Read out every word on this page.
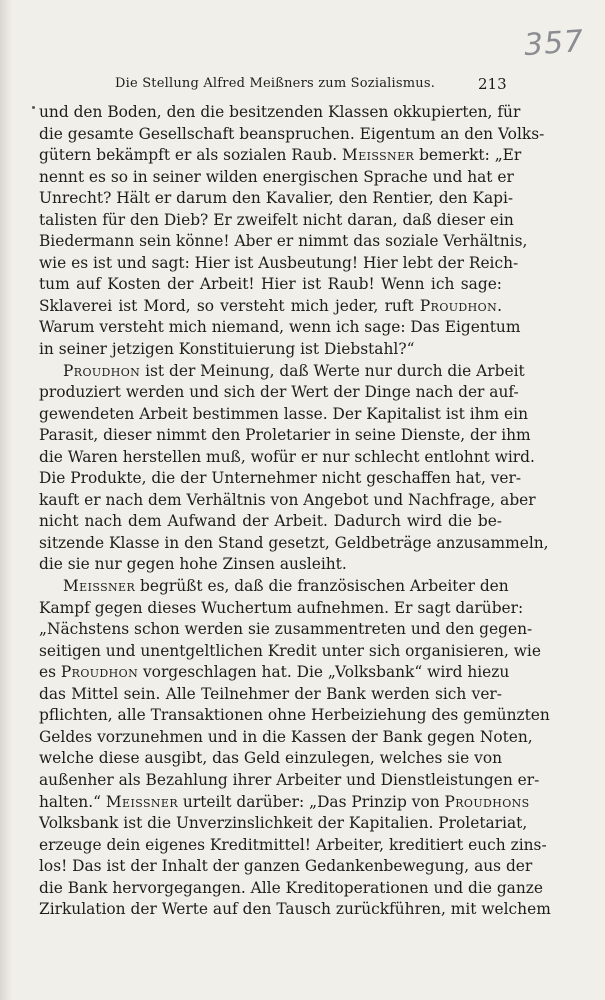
357
Die Stellung Alfred Meißners zum Sozialismus.	213
und den Boden, den die besitzenden Klassen okkupierten, für
die gesamte Gesellschaft beanspruchen. Eigentum an den Volks-
gütern bekämpft er als sozialen Raub. Meissner bemerkt: „Er
nennt es so in seiner wilden energischen Sprache und hat er
Unrecht? Hält er darum den Kavalier, den Rentier, den Kapi-
talisten für den Dieb? Er zweifelt nicht daran, daß dieser ein
Biedermann sein könne! Aber er nimmt das soziale Verhältnis,
wie es ist und sagt: Hier ist Ausbeutung! Hier lebt der Reich-
tum auf Kosten der Arbeit! Hier ist Raub! Wenn ich sage:
Sklaverei ist Mord, so versteht mich jeder, ruft Proudhon.
Warum versteht mich niemand, wenn ich sage: Das Eigentum
in seiner jetzigen Konstituierung ist Diebstahl?“
Proudhon ist der Meinung, daß Werte nur durch die Arbeit
produziert werden und sich der Wert der Dinge nach der auf-
gewendeten Arbeit bestimmen lasse. Der Kapitalist ist ihm ein
Parasit, dieser nimmt den Proletarier in seine Dienste, der ihm
die Waren herstellen muß, wofür er nur schlecht entlohnt wird.
Die Produkte, die der Unternehmer nicht geschaffen hat, ver-
kauft er nach dem Verhältnis von Angebot und Nachfrage, aber
nicht nach dem Aufwand der Arbeit. Dadurch wird die be-
sitzende Klasse in den Stand gesetzt, Geldbeträge anzusammeln,
die sie nur gegen hohe Zinsen ausleiht.
Meissner begrüßt es, daß die französischen Arbeiter den
Kampf gegen dieses Wuchertum aufnehmen. Er sagt darüber:
„Nächstens schon werden sie zusammentreten und den gegen-
seitigen und unentgeltlichen Kredit unter sich organisieren, wie
es Proudhon vorgeschlagen hat. Die „Volksbank“ wird hiezu
das Mittel sein. Alle Teilnehmer der Bank werden sich ver-
pflichten, alle Transaktionen ohne Herbeiziehung des gemünzten
Geldes vorzunehmen und in die Kassen der Bank gegen Noten,
welche diese ausgibt, das Geld einzulegen, welches sie von
außenher als Bezahlung ihrer Arbeiter und Dienstleistungen er-
halten.“ Meissner urteilt darüber: „Das Prinzip von Proudhons
Volksbank ist die Unverzinslichkeit der Kapitalien. Proletariat,
erzeuge dein eigenes Kreditmittel! Arbeiter, kreditiert euch zins-
los! Das ist der Inhalt der ganzen Gedankenbewegung, aus der
die Bank hervorgegangen. Alle Kreditoperationen und die ganze
Zirkulation der Werte auf den Tausch zurückführen, mit welchem
